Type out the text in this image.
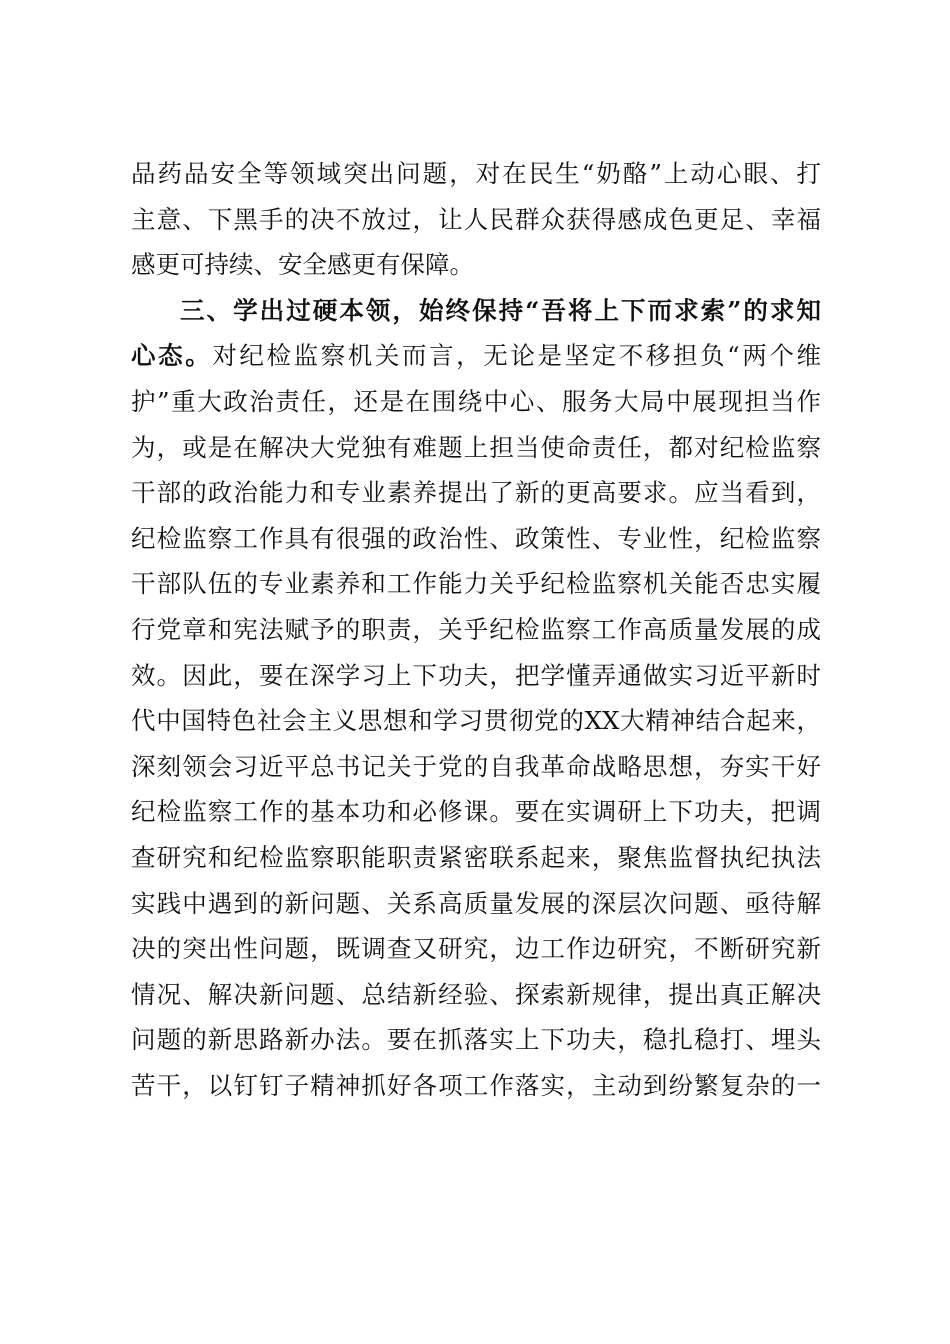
品药品安全等领域突出问题，对在民生“奶酪”上动心眼、打
主意、下黑手的决不放过，让人民群众获得感成色更足、幸福
感更可持续、安全感更有保障。
三、学出过硬本领，始终保持“吾将上下而求索”的求知
心态。对纪检监察机关而言，无论是坚定不移担负“两个维
护”重大政治责任，还是在围绕中心、服务大局中展现担当作
为，或是在解决大党独有难题上担当使命责任，都对纪检监察
干部的政治能力和专业素养提出了新的更高要求。应当看到，
纪检监察工作具有很强的政治性、政策性、专业性，纪检监察
干部队伍的专业素养和工作能力关乎纪检监察机关能否忠实履
行党章和宪法赋予的职责，关乎纪检监察工作高质量发展的成
效。因此，要在深学习上下功夫，把学懂弄通做实习近平新时
代中国特色社会主义思想和学习贯彻党的XX大精神结合起来，
深刻领会习近平总书记关于党的自我革命战略思想，夯实干好
纪检监察工作的基本功和必修课。要在实调研上下功夫，把调
查研究和纪检监察职能职责紧密联系起来，聚焦监督执纪执法
实践中遇到的新问题、关系高质量发展的深层次问题、亟待解
决的突出性问题，既调查又研究，边工作边研究，不断研究新
情况、解决新问题、总结新经验、探索新规律，提出真正解决
问题的新思路新办法。要在抓落实上下功夫，稳扎稳打、埋头
苦干，以钉钉子精神抓好各项工作落实，主动到纷繁复杂的一
